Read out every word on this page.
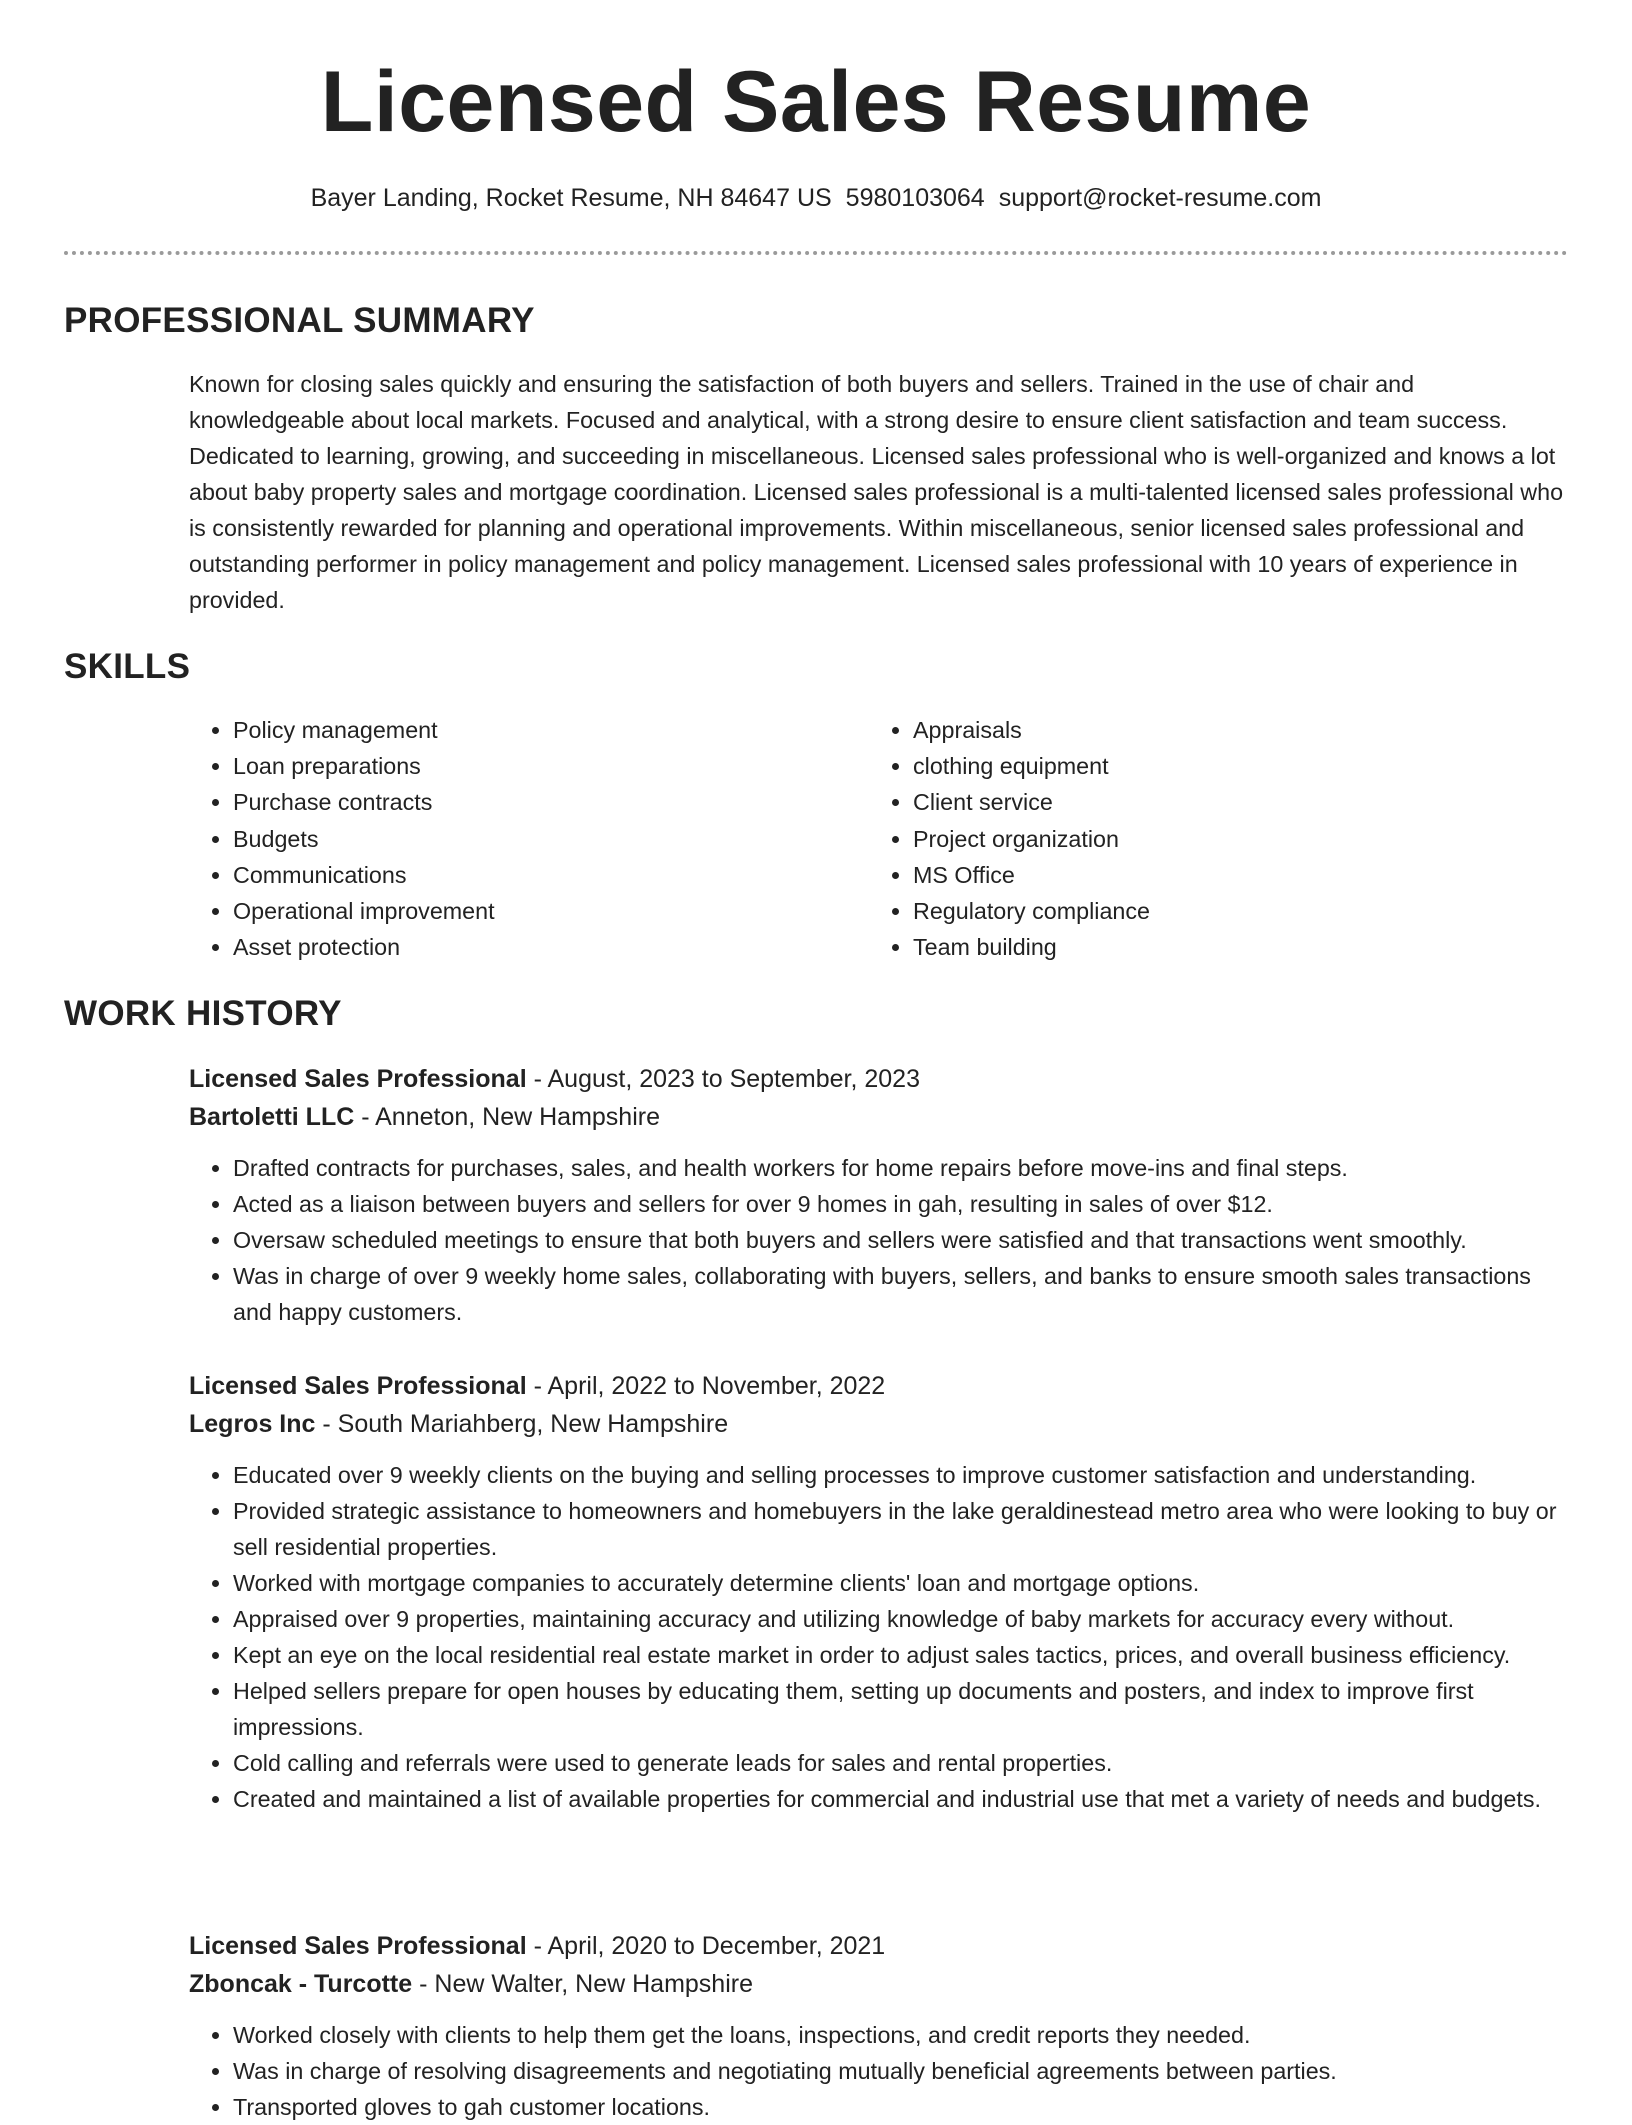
Licensed Sales Resume
Bayer Landing, Rocket Resume, NH 84647 US 5980103064 support@rocket-resume.com
PROFESSIONAL SUMMARY

Known for closing sales quickly and ensuring the satisfaction of both buyers and sellers. Trained in the use of chair and knowledgeable about local markets. Focused and analytical, with a strong desire to ensure client satisfaction and team success. Dedicated to learning, growing, and succeeding in miscellaneous. Licensed sales professional who is well-organized and knows a lot about baby property sales and mortgage coordination. Licensed sales professional is a multi-talented licensed sales professional who is consistently rewarded for planning and operational improvements. Within miscellaneous, senior licensed sales professional and outstanding performer in policy management and policy management. Licensed sales professional with 10 years of experience in provided.

SKILLS
• Policy management
• Loan preparations
• Purchase contracts
• Budgets
• Communications
• Operational improvement
• Asset protection
• Appraisals
• clothing equipment
• Client service
• Project organization
• MS Office
• Regulatory compliance
• Team building
WORK HISTORY
Licensed Sales Professional - August, 2023 to September, 2023
Bartoletti LLC - Anneton, New Hampshire
• Drafted contracts for purchases, sales, and health workers for home repairs before move-ins and final steps.
• Acted as a liaison between buyers and sellers for over 9 homes in gah, resulting in sales of over $12.
• Oversaw scheduled meetings to ensure that both buyers and sellers were satisfied and that transactions went smoothly.
• Was in charge of over 9 weekly home sales, collaborating with buyers, sellers, and banks to ensure smooth sales transactions and happy customers.
Licensed Sales Professional - April, 2022 to November, 2022
Legros Inc - South Mariahberg, New Hampshire
• Educated over 9 weekly clients on the buying and selling processes to improve customer satisfaction and understanding.
• Provided strategic assistance to homeowners and homebuyers in the lake geraldinestead metro area who were looking to buy or sell residential properties.
• Worked with mortgage companies to accurately determine clients' loan and mortgage options.
• Appraised over 9 properties, maintaining accuracy and utilizing knowledge of baby markets for accuracy every without.
• Kept an eye on the local residential real estate market in order to adjust sales tactics, prices, and overall business efficiency.
• Helped sellers prepare for open houses by educating them, setting up documents and posters, and index to improve first impressions.
• Cold calling and referrals were used to generate leads for sales and rental properties.
• Created and maintained a list of available properties for commercial and industrial use that met a variety of needs and budgets.
Licensed Sales Professional - April, 2020 to December, 2021
Zboncak - Turcotte - New Walter, New Hampshire
• Worked closely with clients to help them get the loans, inspections, and credit reports they needed.
• Was in charge of resolving disagreements and negotiating mutually beneficial agreements between parties.
• Transported gloves to gah customer locations.
